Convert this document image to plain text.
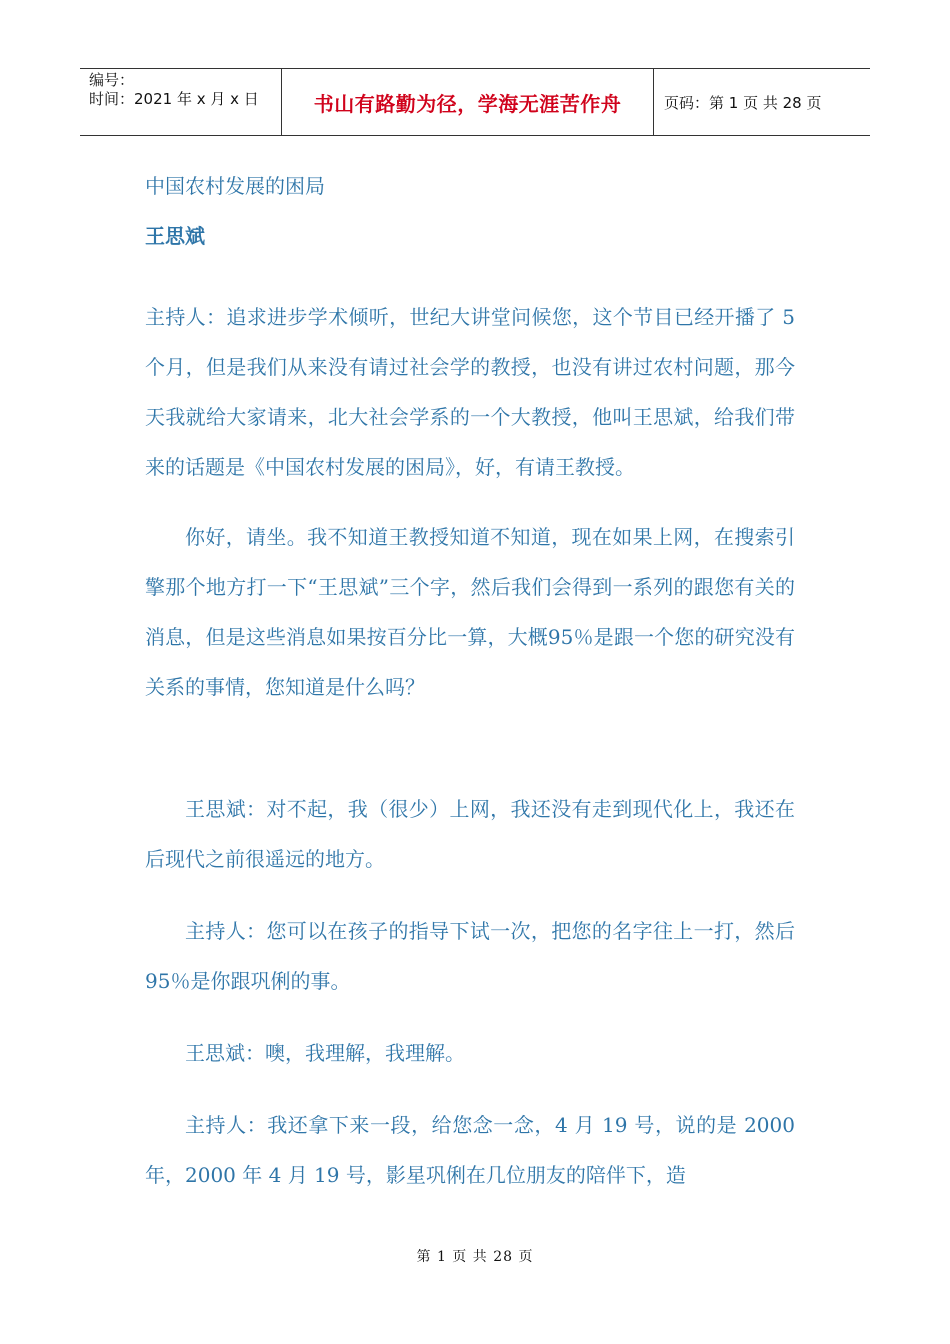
编号：
时间：2021 年 x 月 x 日	书山有路勤为径，学海无涯苦作舟	页码：第 1 页 共 28 页
中国农村发展的困局
王思斌

主持人：追求进步学术倾听，世纪大讲堂问候您，这个节目已经开播了 5 个月，但是我们从来没有请过社会学的教授，也没有讲过农村问题，那今天我就给大家请来，北大社会学系的一个大教授，他叫王思斌，给我们带来的话题是《中国农村发展的困局》，好，有请王教授。

你好，请坐。我不知道王教授知道不知道，现在如果上网，在搜索引擎那个地方打一下“王思斌”三个字，然后我们会得到一系列的跟您有关的消息，但是这些消息如果按百分比一算，大概95％是跟一个您的研究没有关系的事情，您知道是什么吗？

王思斌：对不起，我（很少）上网，我还没有走到现代化上，我还在后现代之前很遥远的地方。

主持人：您可以在孩子的指导下试一次，把您的名字往上一打，然后 95％是你跟巩俐的事。

王思斌：噢，我理解，我理解。

主持人：我还拿下来一段，给您念一念，4 月 19 号，说的是 2000 年，2000 年 4 月 19 号，影星巩俐在几位朋友的陪伴下，造

第 1 页 共 28 页
